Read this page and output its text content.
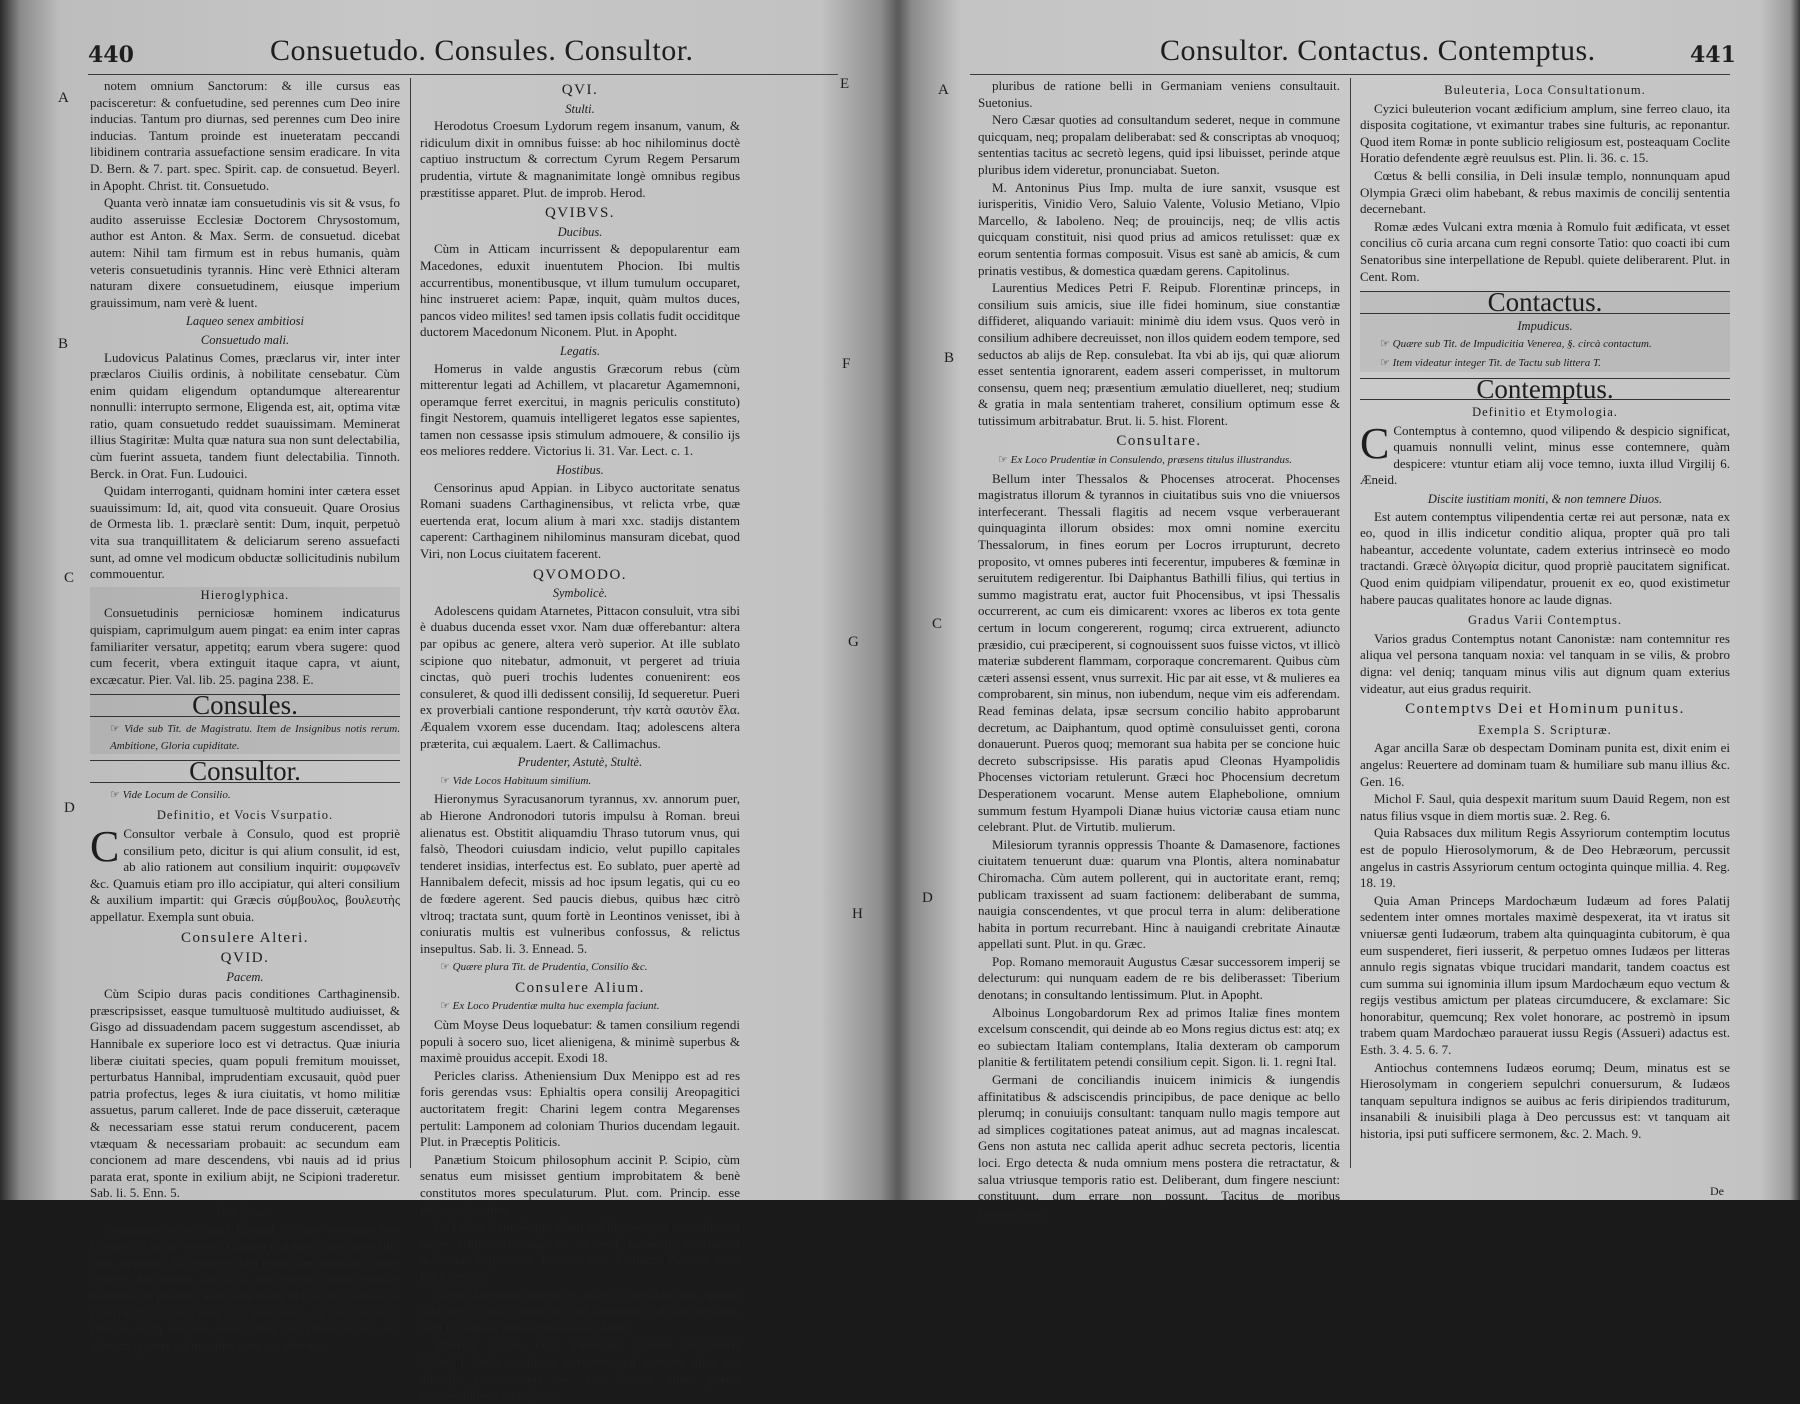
440	Consuetudo. Consules. Consultor.
A
B
C
D

notem omnium Sanctorum: & ille cursus eas pacisceretur: & confuetudine, sed perennes cum Deo inire inducias. Tantum pro diurnas, sed perennes cum Deo inire inducias. Tantum proinde est inueteratam peccandi libidinem contraria assuefactione sensim eradicare. In vita D. Bern. & 7. part. spec. Spirit. cap. de consuetud. Beyerl. in Apopht. Christ. tit. Consuetudo.

Quanta verò innatæ iam consuetudinis vis sit & vsus, fo audito asseruisse Ecclesiæ Doctorem Chrysostomum, author est Anton. & Max. Serm. de consuetud. dicebat autem: Nihil tam firmum est in rebus humanis, quàm veteris consuetudinis tyrannis. Hinc verè Ethnici alteram naturam dixere consuetudinem, eiusque imperium grauissimum, nam verè & luent.

Laqueo senex ambitiosi
Consuetudo mali.

Ludovicus Palatinus Comes, præclarus vir, inter inter præclaros Ciuilis ordinis, à nobilitate censebatur. Cùm enim quidam eligendum optandumque alterearentur nonnulli: interrupto sermone, Eligenda est, ait, optima vitæ ratio, quam consuetudo reddet suauissimam. Meminerat illius Stagiritæ: Multa quæ natura sua non sunt delectabilia, cùm fuerint assueta, tandem fiunt delectabilia. Tinnoth. Berck. in Orat. Fun. Ludouici.

Quidam interroganti, quidnam homini inter cætera esset suauissimum: Id, ait, quod vita consueuit. Quare Orosius de Ormesta lib. 1. præclarè sentit: Dum, inquit, perpetuò vita sua tranquillitatem & deliciarum sereno assuefacti sunt, ad omne vel modicum obductæ sollicitudinis nubilum commouentur.

Hieroglyphica.

Consuetudinis perniciosæ hominem indicaturus quispiam, caprimulgum auem pingat: ea enim inter capras familiariter versatur, appetitq; earum vbera sugere: quod cum fecerit, vbera extinguit itaque capra, vt aiunt, excæcatur. Pier. Val. lib. 25. pagina 238. E.

Consules.
☞ Vide sub Tit. de Magistratu. Item de Insignibus notis rerum. Ambitione, Gloria cupiditate.
Consultor.
☞ Vide Locum de Consilio.
Definitio, et Vocis Vsurpatio.

C Consultor verbale à Consulo, quod est propriè consilium peto, dicitur is qui alium consulit, id est, ab alio rationem aut consilium inquirit: συμφωνεῖν &c. Quamuis etiam pro illo accipiatur, qui alteri consilium & auxilium impartit: qui Græcis σύμβουλος, βουλευτὴς appellatur. Exempla sunt obuia.

Consulere Alteri.
QVID.
Pacem.

Cùm Scipio duras pacis conditiones Carthaginensib. præscripsisset, easque tumultuosè multitudo audiuisset, & Gisgo ad dissuadendam pacem suggestum ascendisset, ab Hannibale ex superiore loco est vi detractus. Quæ iniuria liberæ ciuitati species, quam populi fremitum mouisset, perturbatus Hannibal, imprudentiam excusauit, quòd puer patria profectus, leges & iura ciuitatis, vt homo militiæ assuetus, parum calleret. Inde de pace disseruit, cæteraque & necessariam esse statui rerum conducerent, pacem vtæquam & necessariam probauit: ac secundum eam concionem ad mare descendens, vbi nauis ad id prius parata erat, sponte in exilium abijt, ne Scipioni traderetur. Sab. li. 5. Enn. 5.

Veneficium.

Pædagogvs senex apud Euripid. in Ione consuluit ipsi Creusæ, vt tollat veneno Xuthum maritum, cum nouo filio Ione, inquiens: Eapropter te iam multe hæc quiddam facere oportet. Aut gladio, aut dolo, aut veneno, istum interfice maritum, & puerum, antequam mors tibi ex illis veniat. Si enim negligis, & vitam istis reliqueris, tu periclitaberis. Duobus enim hostibus venientibus sub vnum tectum, aut alterum oportet infortunium pati, aut alterum.

QVI.
Stulti.

Herodotus Croesum Lydorum regem insanum, vanum, & ridiculum dixit in omnibus fuisse: ab hoc nihilominus doctè captiuo instructum & correctum Cyrum Regem Persarum prudentia, virtute & magnanimitate longè omnibus regibus præstitisse apparet. Plut. de improb. Herod.

QVIBVS.
Ducibus.

Cùm in Atticam incurrissent & depopularentur eam Macedones, eduxit inuentutem Phocion. Ibi multis accurrentibus, monentibusque, vt illum tumulum occuparet, hinc instrueret aciem: Papæ, inquit, quàm multos duces, pancos video milites! sed tamen ipsis collatis fudit occiditque ductorem Macedonum Niconem. Plut. in Apopht.

Legatis.

Homerus in valde angustis Græcorum rebus (cùm mitterentur legati ad Achillem, vt placaretur Agamemnoni, operamque ferret exercitui, in magnis periculis constituto) fingit Nestorem, quamuis intelligeret legatos esse sapientes, tamen non cessasse ipsis stimulum admouere, & consilio ijs eos meliores reddere. Victorius li. 31. Var. Lect. c. 1.

Hostibus.

Censorinus apud Appian. in Libyco auctoritate senatus Romani suadens Carthaginensibus, vt relicta vrbe, quæ euertenda erat, locum alium à mari xxc. stadijs distantem caperent: Carthaginem nihilominus mansuram dicebat, quod Viri, non Locus ciuitatem facerent.

QVOMODO.
Symbolicè.

Adolescens quidam Atarnetes, Pittacon consuluit, vtra sibi è duabus ducenda esset vxor. Nam duæ offerebantur: altera par opibus ac genere, altera verò superior. At ille sublato scipione quo nitebatur, admonuit, vt pergeret ad triuia cinctas, quò pueri trochis ludentes conuenirent: eos consuleret, & quod illi dedissent consilij, Id sequeretur. Pueri ex proverbiali cantione responderunt, τὴν κατὰ σαυτὸν ἔλα. Æqualem vxorem esse ducendam. Itaq; adolescens altera præterita, cui æqualem. Laert. & Callimachus.

Prudenter, Astutè, Stultè.
☞ Vide Locos Habituum similium.

Hieronymus Syracusanorum tyrannus, xv. annorum puer, ab Hierone Andronodori tutoris impulsu à Roman. breui alienatus est. Obstitit aliquamdiu Thraso tutorum vnus, qui falsò, Theodori cuiusdam indicio, velut pupillo capitales tenderet insidias, interfectus est. Eo sublato, puer apertè ad Hannibalem defecit, missis ad hoc ipsum legatis, qui cu eo de fœdere agerent. Sed paucis diebus, quibus hæc citrò vltroq; tractata sunt, quum fortè in Leontinos venisset, ibi à coniuratis multis est vulneribus confossus, & relictus insepultus. Sab. li. 3. Ennead. 5.

☞ Quære plura Tit. de Prudentia, Consilio &c.
Consulere Alium.
☞ Ex Loco Prudentiæ multa huc exempla faciunt.

Cùm Moyse Deus loquebatur: & tamen consilium regendi populi à socero suo, licet alienigena, & minimè superbus & maximè prouidus accepit. Exodi 18.

Pericles clariss. Atheniensium Dux Menippo est ad res foris gerendas vsus: Ephialtis opera consilij Areopagitici auctoritatem fregit: Charini legem contra Megarenses pertulit: Lamponem ad coloniam Thurios ducendam legauit. Plut. in Præceptis Politicis.

Panætium Stoicum philosophum accinit P. Scipio, cùm senatus eum misisset gentium improbitatem & benè constitutos mores speculaturum. Plut. com. Princip. esse philosophandum.

C. Lælio idem Scipio domi militiq; semper consultorem atque arbitro vtebatur: vt dicerent nonnulli; histrionem actionum Scipionem, Poëtam esse Lælium. Plut. an Seni tract. respub.

Cicero fatebatur optima se, quæ in consulatu sua, quibus salubriter consul institisset, ad consilium patriam seruauit, cum P. Nigidio philosopho iniisse. Idem.

Tiberius Cæsar, cùm Varianam cladem negligentia Quintilij ducis accidisse cerneret, qui semper alias sui arbitrij, contentusque se vno fuerat, tunc præter consuetudinem cum pluri-

E
F
G
H
Consultor. Contactus. Contemptus.	441
A
B
C
D

pluribus de ratione belli in Germaniam veniens consultauit. Suetonius.

Nero Cæsar quoties ad consultandum sederet, neque in commune quicquam, neq; propalam deliberabat: sed & conscriptas ab vnoquoq; sententias tacitus ac secretò legens, quid ipsi libuisset, perinde atque pluribus idem videretur, pronunciabat. Sueton.

M. Antoninus Pius Imp. multa de iure sanxit, vsusque est iurisperitis, Vinidio Vero, Saluio Valente, Volusio Metiano, Vlpio Marcello, & Iaboleno. Neq; de prouincijs, neq; de vllis actis quicquam constituit, nisi quod prius ad amicos retulisset: quæ ex eorum sententia formas composuit. Visus est sanè ab amicis, & cum prinatis vestibus, & domestica quædam gerens. Capitolinus.

Laurentius Medices Petri F. Reipub. Florentinæ princeps, in consilium suis amicis, siue ille fidei hominum, siue constantiæ diffideret, aliquando variauit: minimè diu idem vsus. Quos verò in consilium adhibere decreuisset, non illos quidem eodem tempore, sed seductos ab alijs de Rep. consulebat. Ita vbi ab ijs, qui quæ aliorum esset sententia ignorarent, eadem asseri comperisset, in multorum consensu, quem neq; præsentium æmulatio diuelleret, neq; studium & gratia in mala sententiam traheret, consilium optimum esse & tutissimum arbitrabatur. Brut. li. 5. hist. Florent.

Consultare.
☞ Ex Loco Prudentiæ in Consulendo, præsens titulus illustrandus.

Bellum inter Thessalos & Phocenses atrocerat. Phocenses magistratus illorum & tyrannos in ciuitatibus suis vno die vniuersos interfecerant. Thessali flagitis ad necem vsque verberauerant quinquaginta illorum obsides: mox omni nomine exercitu Thessalorum, in fines eorum per Locros irrupturunt, decreto proposito, vt omnes puberes inti fecerentur, impuberes & fœminæ in seruitutem redigerentur. Ibi Daiphantus Bathilli filius, qui tertius in summo magistratu erat, auctor fuit Phocensibus, vt ipsi Thessalis occurrerent, ac cum eis dimicarent: vxores ac liberos ex tota gente certum in locum congererent, rogumq; circa extruerent, adiuncto præsidio, cui præciperent, si cognouissent suos fuisse victos, vt illicò materiæ subderent flammam, corporaque concremarent. Quibus cùm cæteri assensi essent, vnus surrexit. Hic par ait esse, vt & mulieres ea comprobarent, sin minus, non iubendum, neque vim eis adferendam. Read feminas delata, ipsæ secrsum concilio habito approbarunt decretum, ac Daiphantum, quod optimè consuluisset genti, corona donauerunt. Pueros quoq; memorant sua habita per se concione huic decreto subscripsisse. His paratis apud Cleonas Hyampolidis Phocenses victoriam retulerunt. Græci hoc Phocensium decretum Desperationem vocarunt. Mense autem Elaphebolione, omnium summum festum Hyampoli Dianæ huius victoriæ causa etiam nunc celebrant. Plut. de Virtutib. mulierum.

Milesiorum tyrannis oppressis Thoante & Damasenore, factiones ciuitatem tenuerunt duæ: quarum vna Plontis, altera nominabatur Chiromacha. Cùm autem pollerent, qui in auctoritate erant, remq; publicam traxissent ad suam factionem: deliberabant de summa, nauigia conscendentes, vt que procul terra in alum: deliberatione habita in portum recurrebant. Hinc à nauigandi crebritate Ainautæ appellati sunt. Plut. in qu. Græc.

Pop. Romano memorauit Augustus Cæsar successorem imperij se delecturum: qui nunquam eadem de re bis deliberasset: Tiberium denotans; in consultando lentissimum. Plut. in Apopht.

Alboinus Longobardorum Rex ad primos Italiæ fines montem excelsum conscendit, qui deinde ab eo Mons regius dictus est: atq; ex eo subiectam Italiam contemplans, Italia dexteram ob camporum planitie & fertilitatem petendi consilium cepit. Sigon. li. 1. regni Ital.

Germani de conciliandis inuicem inimicis & iungendis affinitatibus & adsciscendis principibus, de pace denique ac bello plerumq; in conuiuijs consultant: tanquam nullo magis tempore aut ad simplices cogitationes pateat animus, aut ad magnas incalescat. Gens non astuta nec callida aperit adhuc secreta pectoris, licentia loci. Ergo detecta & nuda omnium mens postera die retractatur, & salua vtriusque temporis ratio est. Deliberant, dum fingere nesciunt: constituunt, dum errare non possunt. Tacitus de moribus Germanorum.

Buleuteria, Loca Consultationum.

Cyzici buleuterion vocant ædificium amplum, sine ferreo clauo, ita disposita cogitatione, vt eximantur trabes sine fulturis, ac reponantur. Quod item Romæ in ponte sublicio religiosum est, posteaquam Coclite Horatio defendente ægrè reuulsus est. Plin. li. 36. c. 15.

Cœtus & belli consilia, in Deli insulæ templo, nonnunquam apud Olympia Græci olim habebant, & rebus maximis de concilij sententia decernebant.

Romæ ædes Vulcani extra mœnia à Romulo fuit ædificata, vt esset concilius cõ curia arcana cum regni consorte Tatio: quo coacti ibi cum Senatoribus sine interpellatione de Republ. quiete deliberarent. Plut. in Cent. Rom.

Contactus.
Impudicus.
☞ Quære sub Tit. de Impudicitia Venerea, §. circà contactum.
☞ Item videatur integer Tit. de Tactu sub littera T.
Contemptus.
Definitio et Etymologia.

C Contemptus à contemno, quod vilipendo & despicio significat, quamuis nonnulli velint, minus esse contemnere, quàm despicere: vtuntur etiam alij voce temno, iuxta illud Virgilij 6. Æneid.

Discite iustitiam moniti, & non temnere Diuos.

Est autem contemptus vilipendentia certæ rei aut personæ, nata ex eo, quod in illis indicetur conditio aliqua, propter quā pro tali habeantur, accedente voluntate, cadem exterius intrinsecè eo modo tractandi. Græcè ὀλιγωρία dicitur, quod propriè paucitatem significat. Quod enim quidpiam vilipendatur, prouenit ex eo, quod existimetur habere paucas qualitates honore ac laude dignas.

Gradus Varii Contemptus.

Varios gradus Contemptus notant Canonistæ: nam contemnitur res aliqua vel persona tanquam noxia: vel tanquam in se vilis, & probro digna: vel deniq; tanquam minus vilis aut dignum quam exterius videatur, aut eius gradus requirit.

Contemptvs Dei et Hominum punitus.
Exempla S. Scripturæ.

Agar ancilla Saræ ob despectam Dominam punita est, dixit enim ei angelus: Reuertere ad dominam tuam & humiliare sub manu illius &c. Gen. 16.

Michol F. Saul, quia despexit maritum suum Dauid Regem, non est natus filius vsque in diem mortis suæ. 2. Reg. 6.

Quia Rabsaces dux militum Regis Assyriorum contemptim locutus est de populo Hierosolymorum, & de Deo Hebræorum, percussit angelus in castris Assyriorum centum octoginta quinque millia. 4. Reg. 18. 19.

Quia Aman Princeps Mardochæum Iudæum ad fores Palatij sedentem inter omnes mortales maximè despexerat, ita vt iratus sit vniuersæ genti Iudæorum, trabem alta quinquaginta cubitorum, è qua eum suspenderet, fieri iusserit, & perpetuo omnes Iudæos per litteras annulo regis signatas vbique trucidari mandarit, tandem coactus est cum summa sui ignominia illum ipsum Mardochæum equo vectum & regijs vestibus amictum per plateas circumducere, & exclamare: Sic honorabitur, quemcunq; Rex volet honorare, ac postremò in ipsum trabem quam Mardochæo parauerat iussu Regis (Assueri) adactus est. Esth. 3. 4. 5. 6. 7.

Antiochus contemnens Iudæos eorumq; Deum, minatus est se Hierosolymam in congeriem sepulchri conuersurum, & Iudæos tanquam sepultura indignos se auibus ac feris diripiendos traditurum, insanabili & inuisibili plaga à Deo percussus est: vt tanquam ait historia, ipsi puti sufficere sermonem, &c. 2. Mach. 9.

De
